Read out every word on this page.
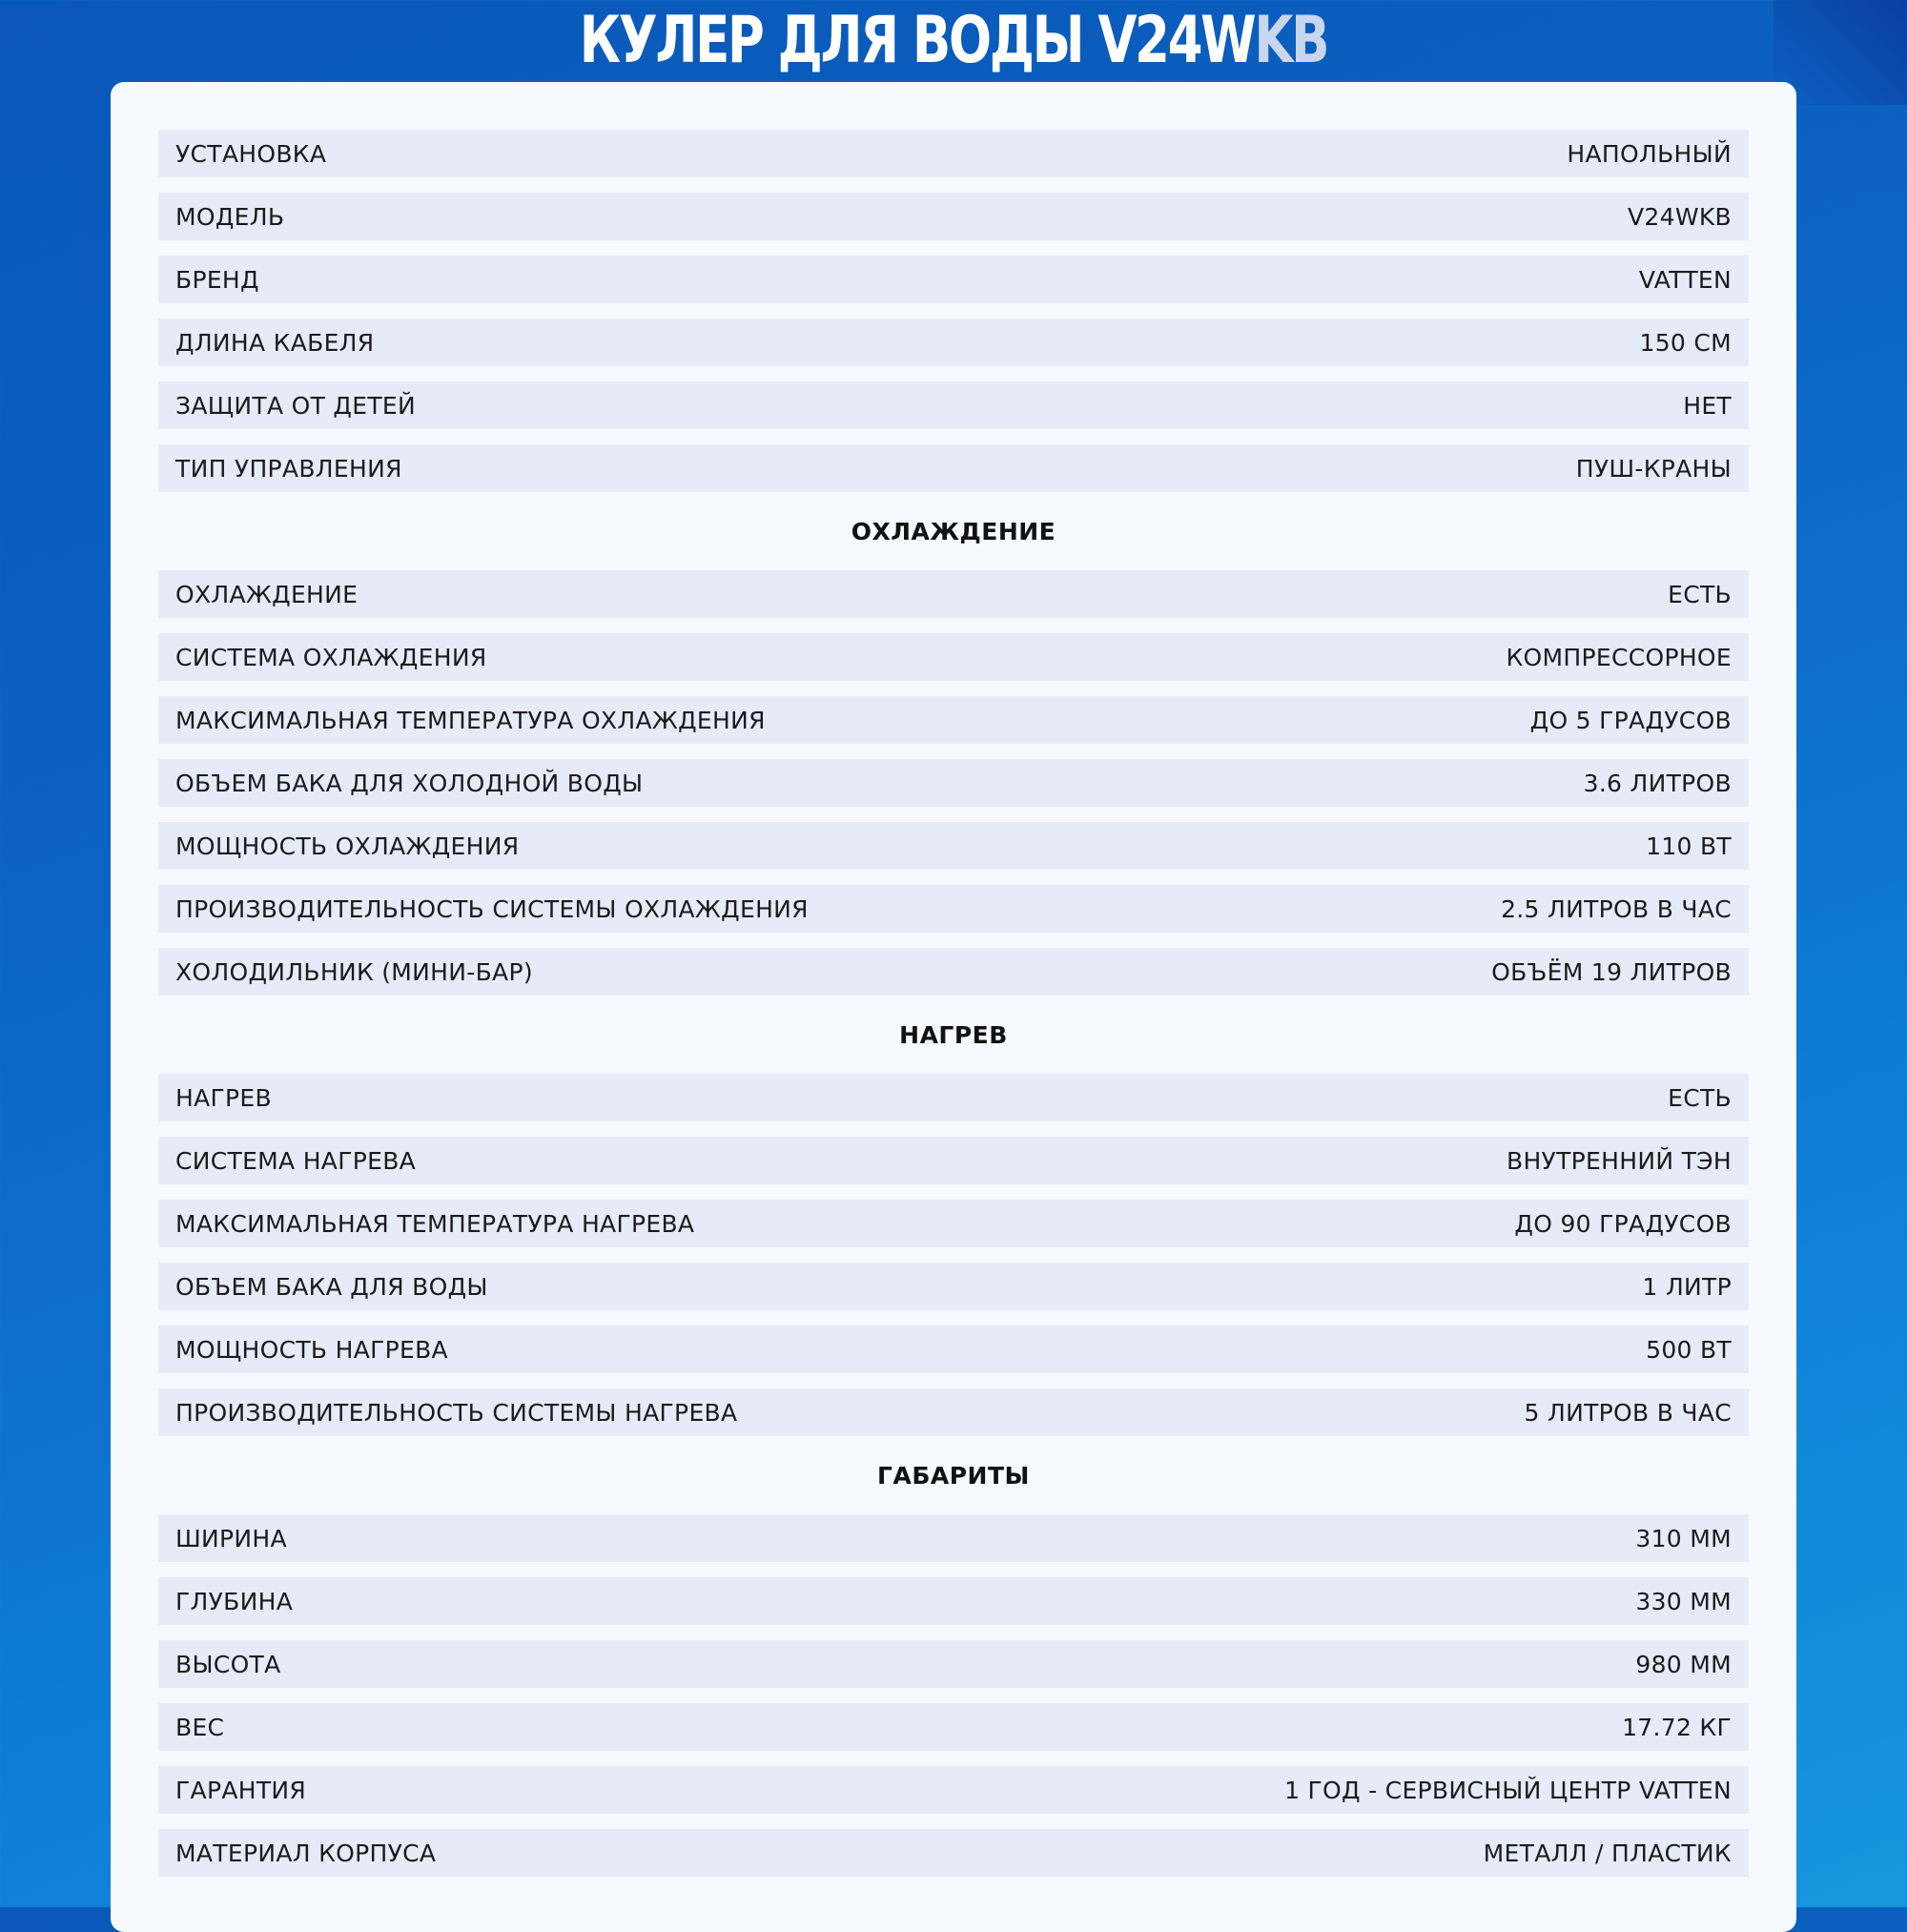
КУЛЕР ДЛЯ ВОДЫ V24WKB
УСТАНОВКА	НАПОЛЬНЫЙ
МОДЕЛЬ	V24WKB
БРЕНД	VATTEN
ДЛИНА КАБЕЛЯ	150 СМ
ЗАЩИТА ОТ ДЕТЕЙ	НЕТ
ТИП УПРАВЛЕНИЯ	ПУШ-КРАНЫ
ОХЛАЖДЕНИЕ
ОХЛАЖДЕНИЕ	ЕСТЬ
СИСТЕМА ОХЛАЖДЕНИЯ	КОМПРЕССОРНОЕ
МАКСИМАЛЬНАЯ ТЕМПЕРАТУРА ОХЛАЖДЕНИЯ	ДО 5 ГРАДУСОВ
ОБЪЕМ БАКА ДЛЯ ХОЛОДНОЙ ВОДЫ	3.6 ЛИТРОВ
МОЩНОСТЬ ОХЛАЖДЕНИЯ	110 ВТ
ПРОИЗВОДИТЕЛЬНОСТЬ СИСТЕМЫ ОХЛАЖДЕНИЯ	2.5 ЛИТРОВ В ЧАС
ХОЛОДИЛЬНИК (МИНИ-БАР)	ОБЪЁМ 19 ЛИТРОВ
НАГРЕВ
НАГРЕВ	ЕСТЬ
СИСТЕМА НАГРЕВА	ВНУТРЕННИЙ ТЭН
МАКСИМАЛЬНАЯ ТЕМПЕРАТУРА НАГРЕВА	ДО 90 ГРАДУСОВ
ОБЪЕМ БАКА ДЛЯ ВОДЫ	1 ЛИТР
МОЩНОСТЬ НАГРЕВА	500 ВТ
ПРОИЗВОДИТЕЛЬНОСТЬ СИСТЕМЫ НАГРЕВА	5 ЛИТРОВ В ЧАС
ГАБАРИТЫ
ШИРИНА	310 ММ
ГЛУБИНА	330 ММ
ВЫСОТА	980 ММ
ВЕС	17.72 КГ
ГАРАНТИЯ	1 ГОД - СЕРВИСНЫЙ ЦЕНТР VATTEN
МАТЕРИАЛ КОРПУСА	МЕТАЛЛ / ПЛАСТИК
